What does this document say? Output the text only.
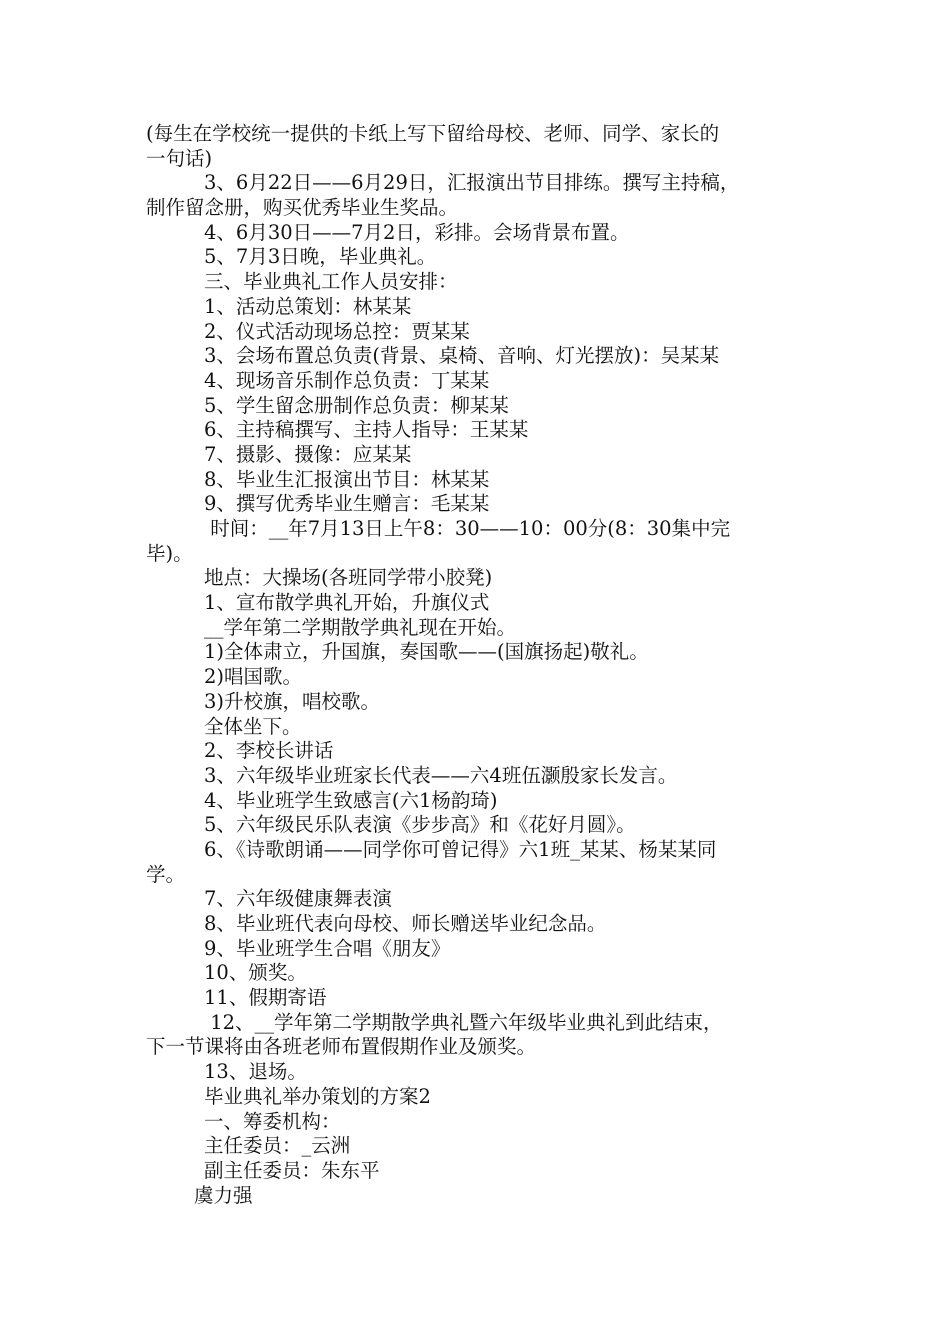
(每生在学校统一提供的卡纸上写下留给母校、老师、同学、家长的
一句话)
3、6月22日——6月29日，汇报演出节目排练。撰写主持稿，
制作留念册，购买优秀毕业生奖品。
4、6月30日——7月2日，彩排。会场背景布置。
5、7月3日晚，毕业典礼。
三、毕业典礼工作人员安排：
1、活动总策划：林某某
2、仪式活动现场总控：贾某某
3、会场布置总负责(背景、桌椅、音响、灯光摆放)：吴某某
4、现场音乐制作总负责：丁某某
5、学生留念册制作总负责：柳某某
6、主持稿撰写、主持人指导：王某某
7、摄影、摄像：应某某
8、毕业生汇报演出节目：林某某
9、撰写优秀毕业生赠言：毛某某
时间：__年7月13日上午8：30——10：00分(8：30集中完
毕)。
地点：大操场(各班同学带小胶凳)
1、宣布散学典礼开始，升旗仪式
__学年第二学期散学典礼现在开始。
1)全体肃立，升国旗，奏国歌——(国旗扬起)敬礼。
2)唱国歌。
3)升校旗，唱校歌。
全体坐下。
2、李校长讲话
3、六年级毕业班家长代表——六4班伍灏殷家长发言。
4、毕业班学生致感言(六1杨韵琦)
5、六年级民乐队表演《步步高》和《花好月圆》。
6、《诗歌朗诵——同学你可曾记得》六1班_某某、杨某某同
学。
7、六年级健康舞表演
8、毕业班代表向母校、师长赠送毕业纪念品。
9、毕业班学生合唱《朋友》
10、颁奖。
11、假期寄语
12、__学年第二学期散学典礼暨六年级毕业典礼到此结束，
下一节课将由各班老师布置假期作业及颁奖。
13、退场。
毕业典礼举办策划的方案2
一、筹委机构：
主任委员：_云洲
副主任委员：朱东平
虞力强
